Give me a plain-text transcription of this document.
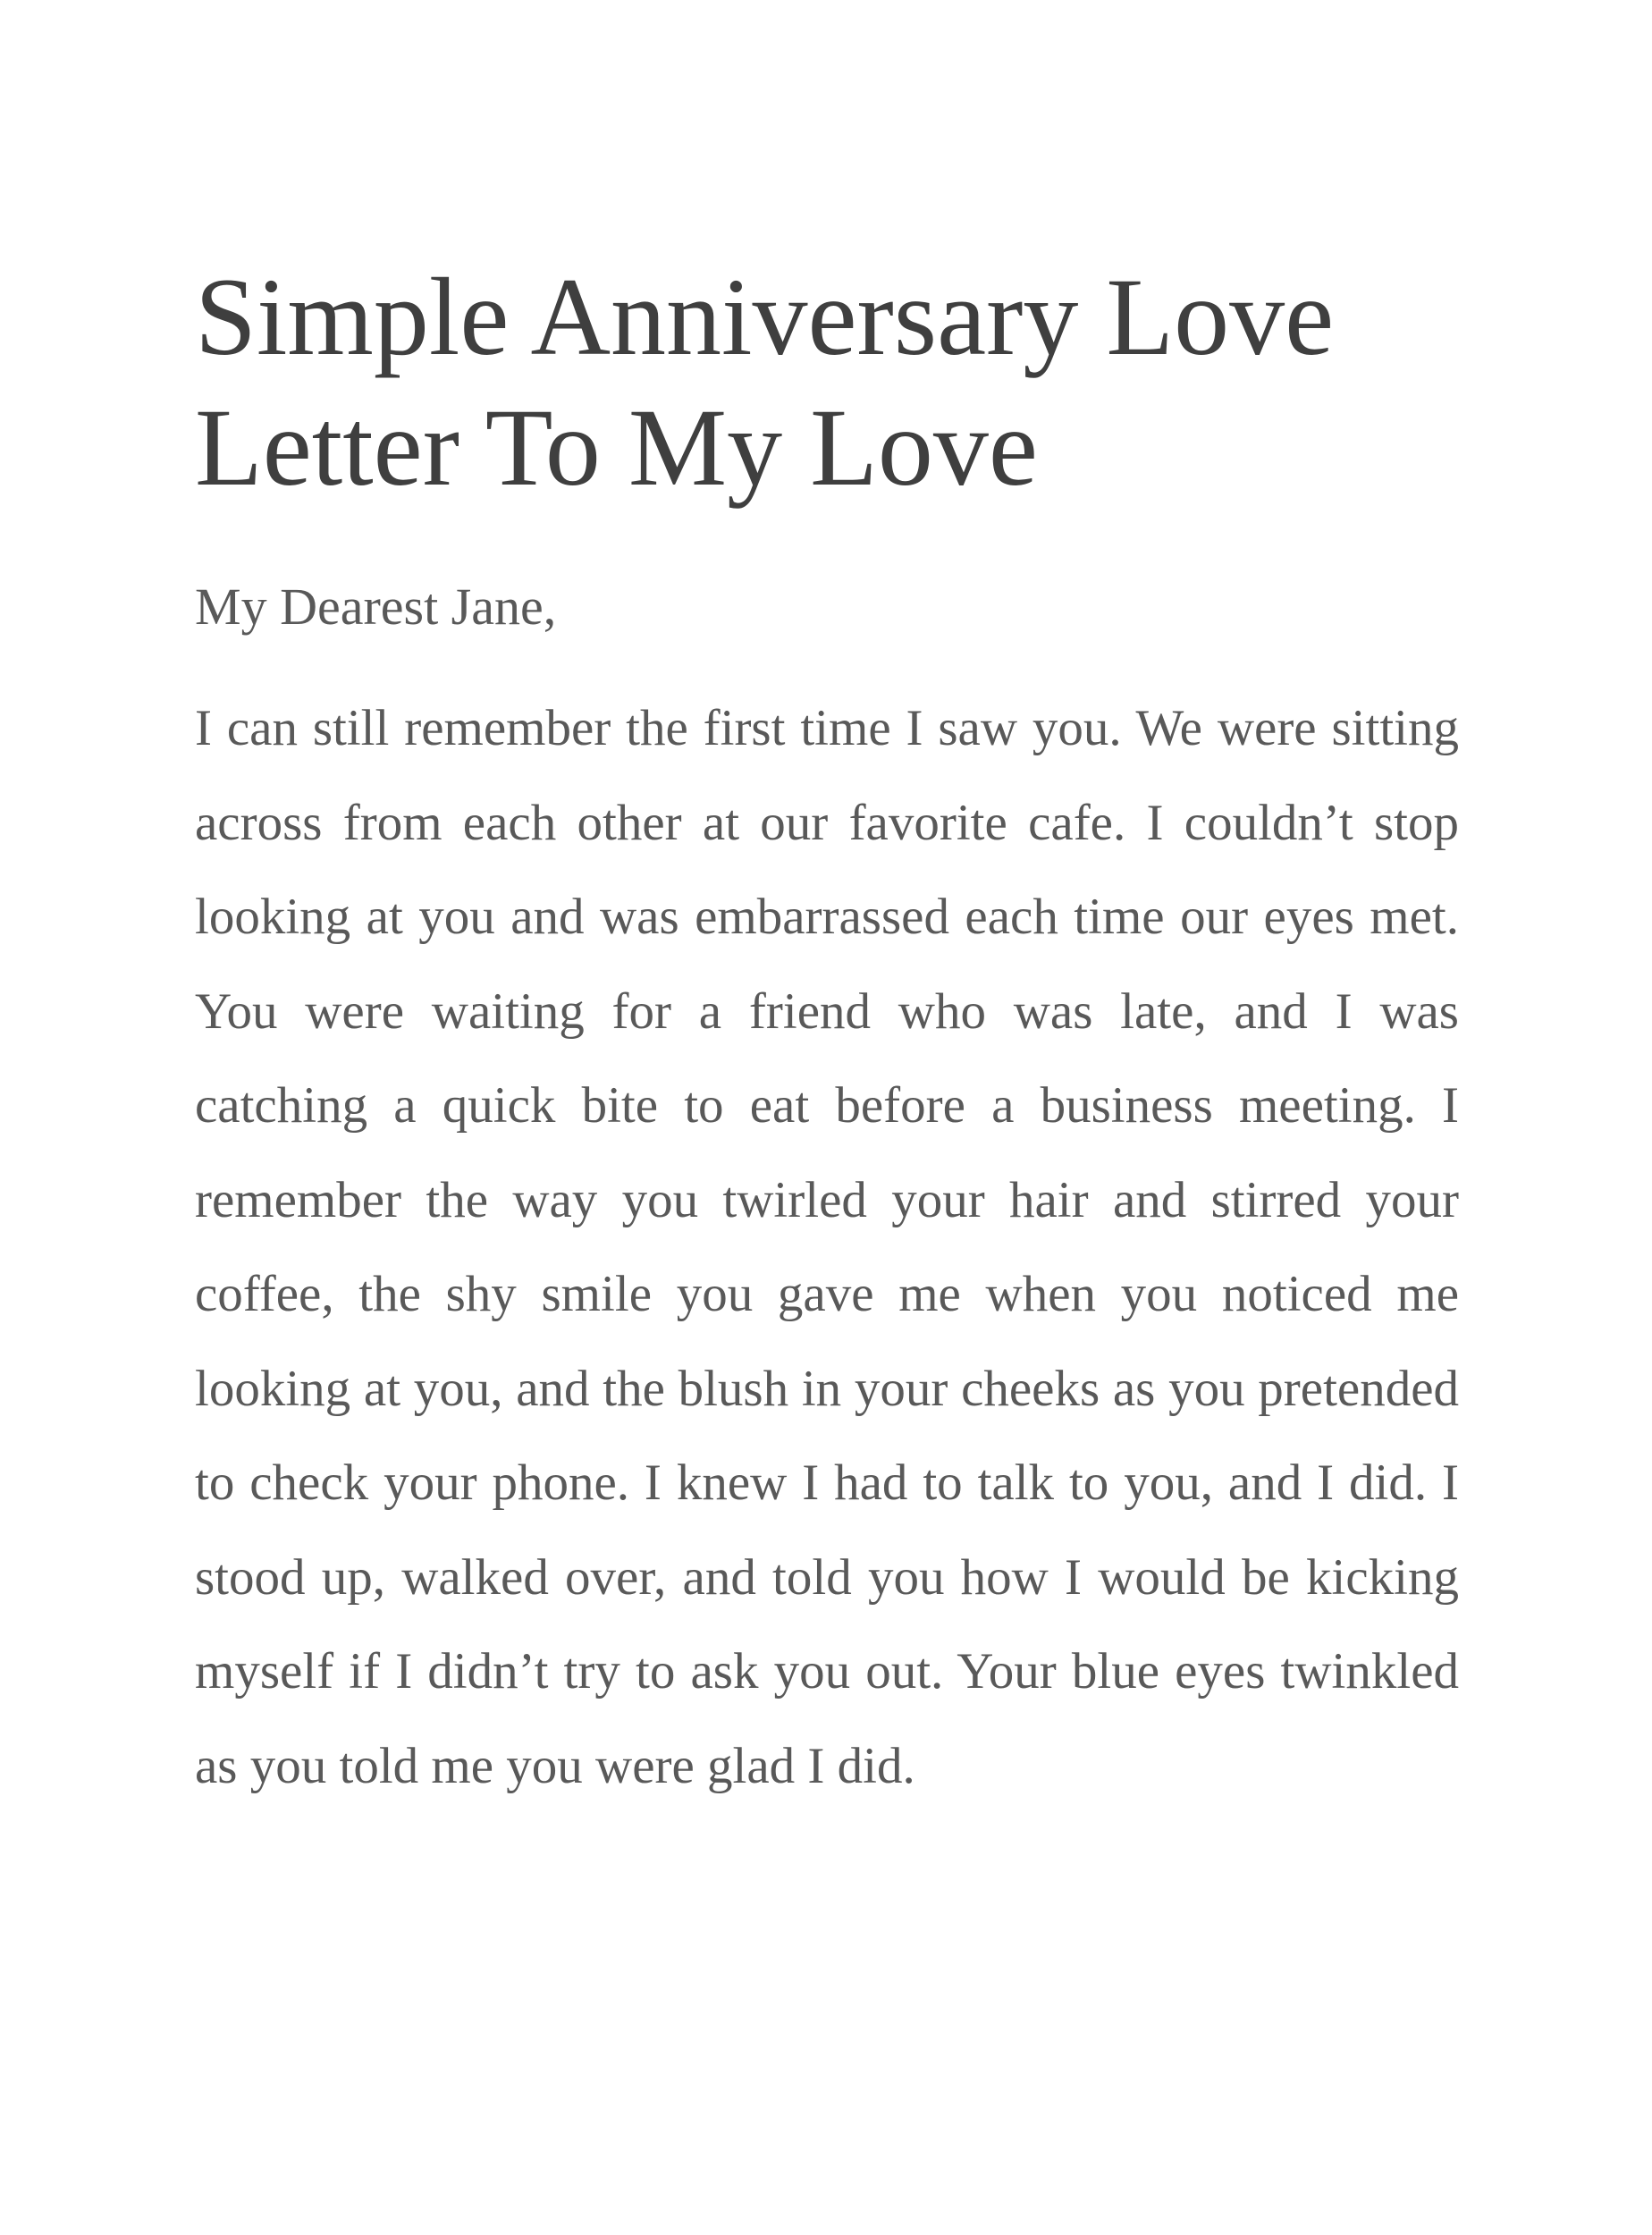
Simple Anniversary Love Letter To My Love

My Dearest Jane,

I can still remember the first time I saw you. We were sitting across from each other at our favorite cafe. I couldn’t stop looking at you and was embarrassed each time our eyes met. You were waiting for a friend who was late, and I was catching a quick bite to eat before a business meeting. I remember the way you twirled your hair and stirred your coffee, the shy smile you gave me when you noticed me looking at you, and the blush in your cheeks as you pretended to check your phone. I knew I had to talk to you, and I did. I stood up, walked over, and told you how I would be kicking myself if I didn’t try to ask you out. Your blue eyes twinkled as you told me you were glad I did.
